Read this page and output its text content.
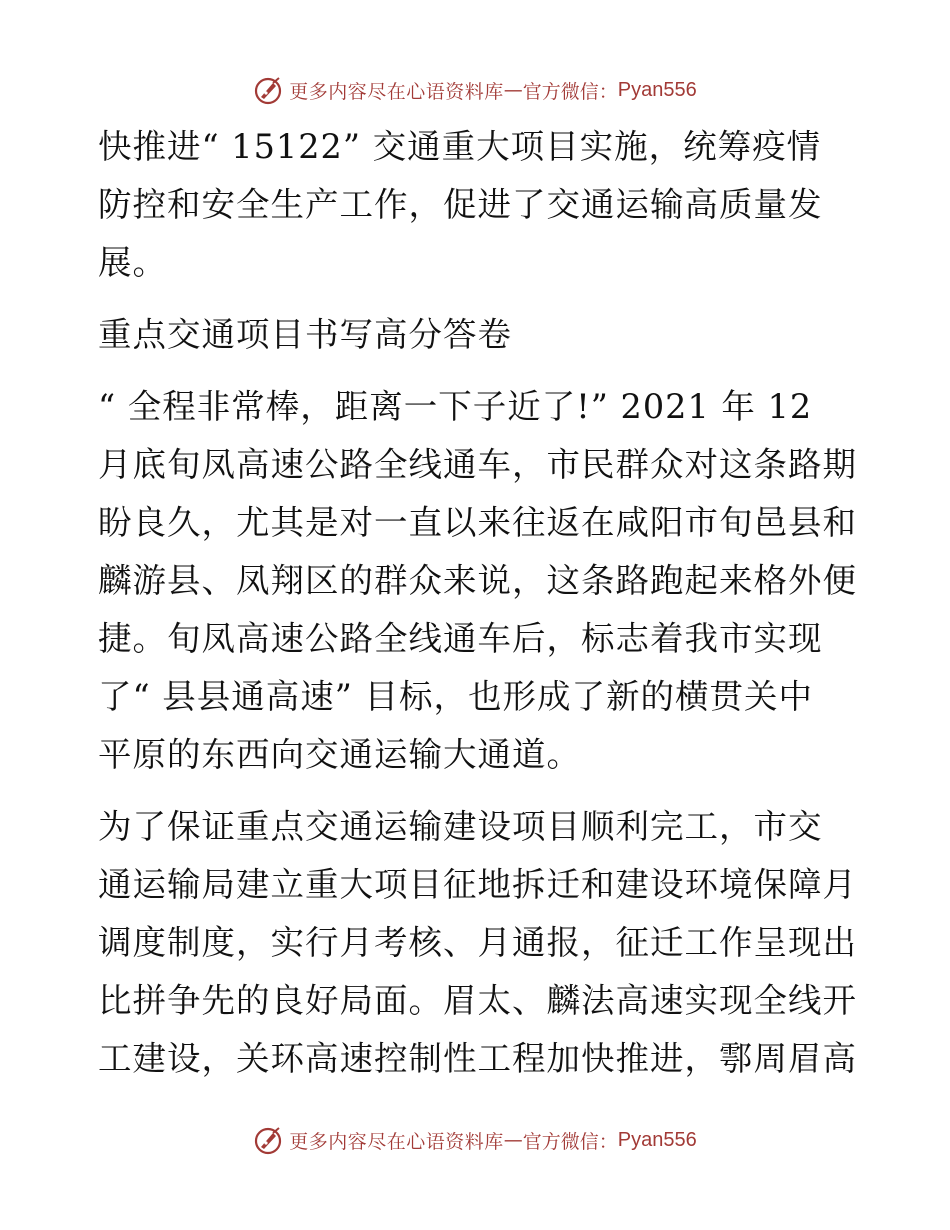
更多内容尽在心语资料库 — 官方微信： Pyan556
快推进“ 15122” 交通重大项目实施，统筹疫情
防控和安全生产工作，促进了交通运输高质量发
展。
重点交通项目书写高分答卷
“ 全程非常棒，距离一下子近了!” 2021 年 12
月底旬凤高速公路全线通车，市民群众对这条路期
盼良久，尤其是对一直以来往返在咸阳市旬邑县和
麟游县、凤翔区的群众来说，这条路跑起来格外便
捷。旬凤高速公路全线通车后，标志着我市实现
了“ 县县通高速” 目标，也形成了新的横贯关中
平原的东西向交通运输大通道。
为了保证重点交通运输建设项目顺利完工，市交
通运输局建立重大项目征地拆迁和建设环境保障月
调度制度，实行月考核、月通报，征迁工作呈现出
比拼争先的良好局面。眉太、麟法高速实现全线开
工建设，关环高速控制性工程加快推进，鄠周眉高
更多内容尽在心语资料库 — 官方微信： Pyan556
